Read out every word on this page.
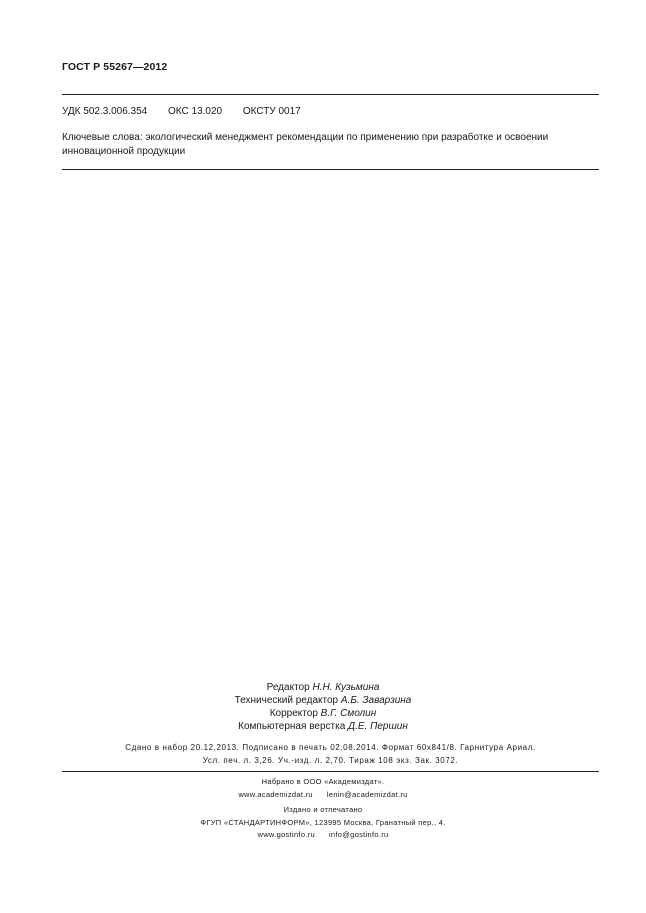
ГОСТ Р 55267—2012
УДК 502.3.006.354 ОКС 13.020 ОКСТУ 0017
Ключевые слова: экологический менеджмент рекомендации по применению при разработке и освоении
инновационной продукции
Редактор Н.Н. Кузьмина
Технический редактор А.Б. Заварзина
Корректор В.Г. Смолин
Компьютерная верстка Д.Е. Першин
Сдано в набор 20.12.2013. Подписано в печать 02.08.2014. Формат 60х841/8. Гарнитура Ариал.
Усл. печ. л. 3,26. Уч.-изд. л. 2,70. Тираж 108 экз. Зак. 3072.
Набрано в ООО «Академиздат».
www.academizdat.ru lenin@academizdat.ru
Издано и отпечатано
ФГУП «СТАНДАРТИНФОРМ», 123995 Москва, Гранатный пер., 4.
www.gostinfo.ru info@gostinfo.ru
